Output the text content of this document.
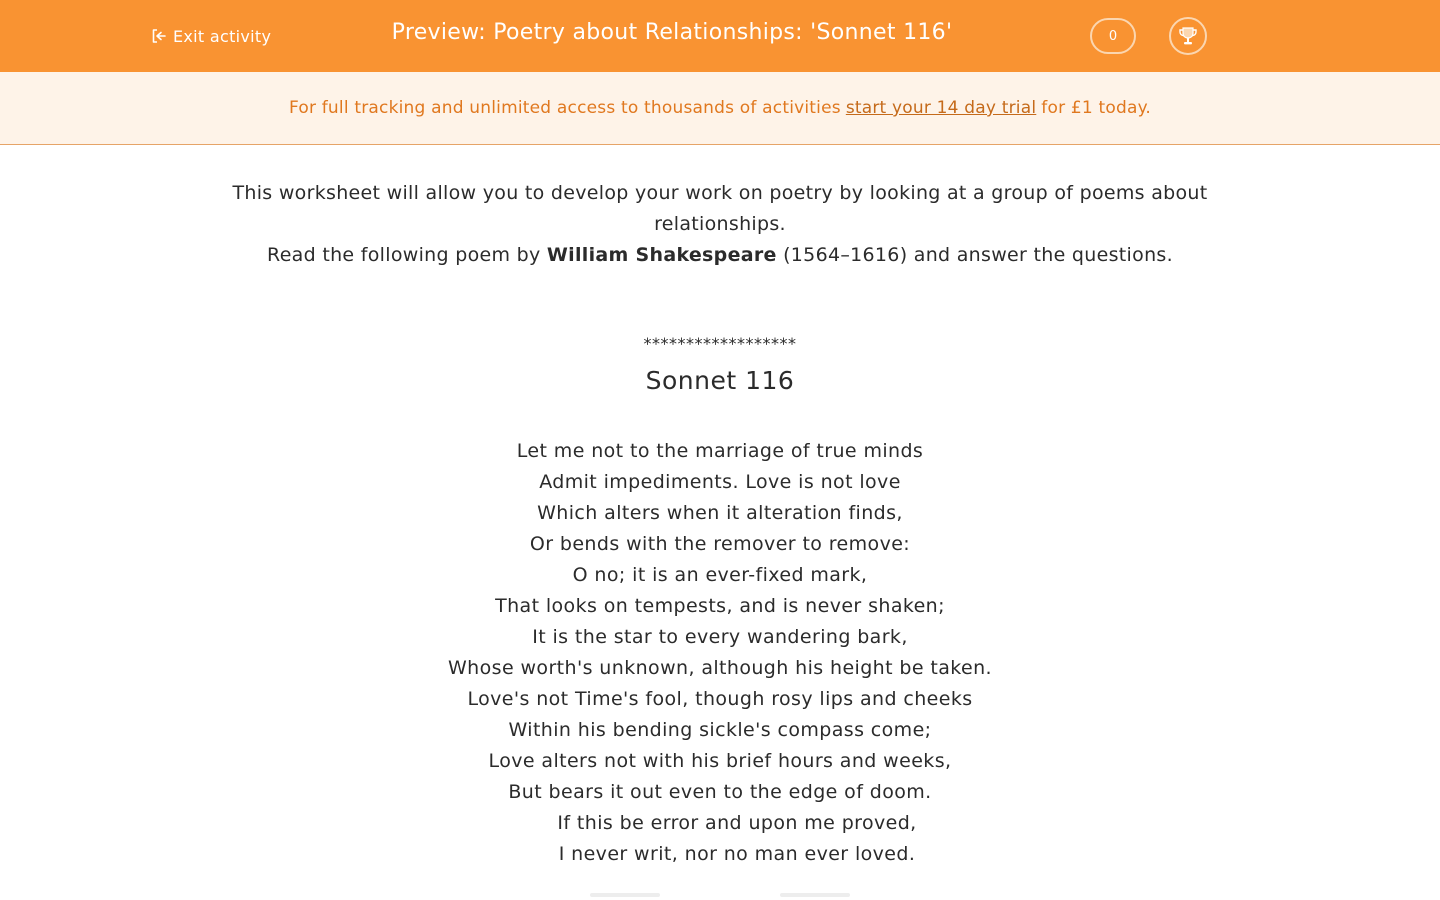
Exit activity	Preview: Poetry about Relationships: 'Sonnet 116'	0
For full tracking and unlimited access to thousands of activities start your 14 day trial for £1 today.

This worksheet will allow you to develop your work on poetry by looking at a group of poems about relationships.

Read the following poem by William Shakespeare (1564–1616) and answer the questions.

******************
Sonnet 116
Let me not to the marriage of true minds
Admit impediments. Love is not love
Which alters when it alteration finds,
Or bends with the remover to remove:
O no; it is an ever-fixed mark,
That looks on tempests, and is never shaken;
It is the star to every wandering bark,
Whose worth's unknown, although his height be taken.
Love's not Time's fool, though rosy lips and cheeks
Within his bending sickle's compass come;
Love alters not with his brief hours and weeks,
But bears it out even to the edge of doom.
If this be error and upon me proved,
I never writ, nor no man ever loved.
